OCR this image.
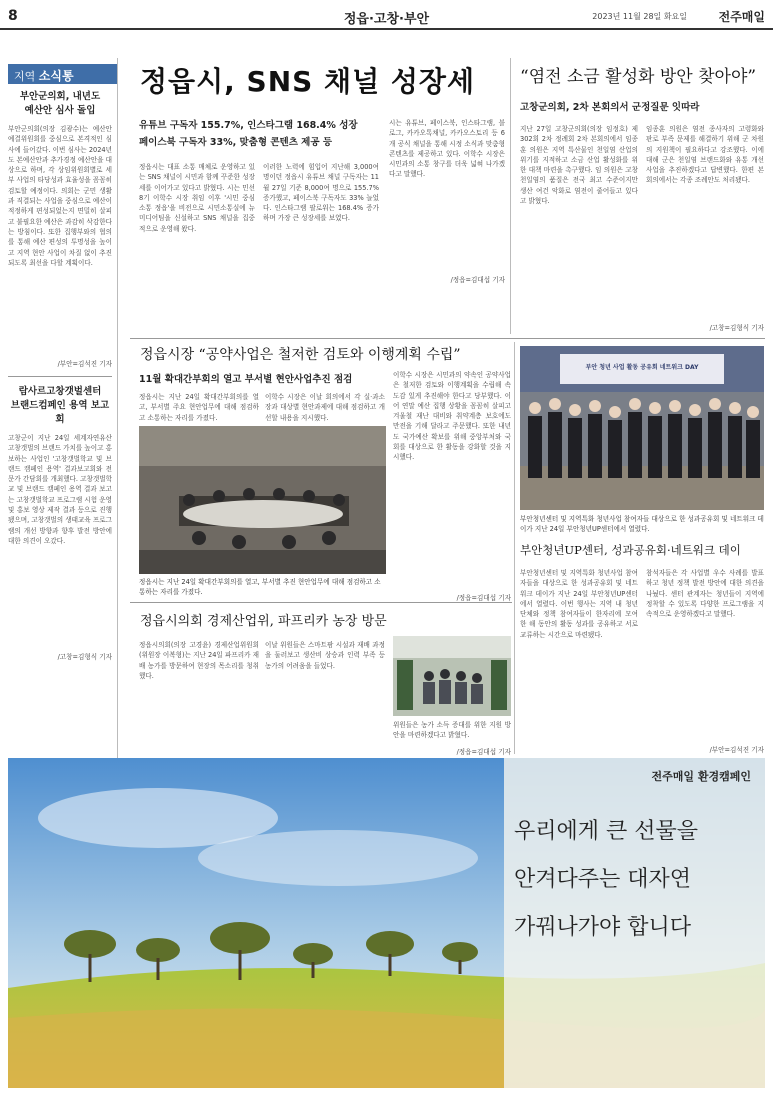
8	정읍·고창·부안	2023년 11월 28일 화요일	전주매일
지역 소식통
부안군의회, 내년도
예산안 심사 돌입

부안군의회(의장 김광수)는 예산안예결위원회를 중심으로 본격적인 심사에 들어갔다. 이번 심사는 2024년도 본예산안과 추가경정 예산안을 대상으로 하며, 각 상임위원회별로 세부 사업의 타당성과 효율성을 꼼꼼히 검토할 예정이다. 의회는 군민 생활과 직결되는 사업을 중심으로 예산이 적정하게 편성되었는지 면밀히 살피고 불필요한 예산은 과감히 삭감한다는 방침이다. 또한 집행부와의 협의를 통해 예산 편성의 투명성을 높이고 지역 현안 사업이 차질 없이 추진되도록 최선을 다할 계획이다.

/부안=김석진 기자

람사르고창갯벌센터
브랜드컴페인 용역 보고회

고창군이 지난 24일 세계자연유산 고창갯벌의 브랜드 가치를 높이고 홍보하는 사업인 '고창갯벌학교 및 브랜드 캠페인 용역' 결과보고회와 전문가 간담회를 개최했다. 고창갯벌학교 및 브랜드 캠페인 용역 결과 보고는 고창갯벌학교 프로그램 시험 운영 및 홍보 영상 제작 결과 등으로 진행됐으며, 고창갯벌의 생태교육 프로그램의 개선 방향과 향후 발전 방안에 대한 의견이 오갔다.

/고창=김형식 기자

정읍시, SNS 채널 성장세
유튜브 구독자 155.7%, 인스타그램 168.4% 성장
페이스북 구독자 33%, 맞춤형 콘텐츠 제공 등

정읍시는 대표 소통 매체로 운영하고 있는 SNS 채널이 시민과 함께 꾸준한 성장세를 이어가고 있다고 밝혔다. 시는 민선 8기 이학수 시장 취임 이후 '시민 중심 소통 정읍'을 비전으로 시민소통실에 뉴미디어팀을 신설하고 SNS 채널을 집중적으로 운영해 왔다.

이러한 노력에 힘입어 지난해 3,000여 명이던 정읍시 유튜브 채널 구독자는 11월 27일 기준 8,000여 명으로 155.7% 증가했고, 페이스북 구독자도 33% 늘었다. 인스타그램 팔로워는 168.4% 증가하며 가장 큰 성장세를 보였다.

시는 유튜브, 페이스북, 인스타그램, 블로그, 카카오톡채널, 카카오스토리 등 6개 공식 채널을 통해 시정 소식과 맞춤형 콘텐츠를 제공하고 있다. 이학수 시장은 시민과의 소통 창구를 더욱 넓혀 나가겠다고 말했다.

/정읍=김대섭 기자

“염전 소금 활성화 방안 찾아야”
고창군의회, 2차 본회의서 군정질문 잇따라

지난 27일 고창군의회(의장 임정호) 제302회 2차 정례회 2차 본회의에서 임종훈 의원은 지역 특산물인 천일염 산업의 위기를 지적하고 소금 산업 활성화를 위한 대책 마련을 촉구했다. 임 의원은 고창 천일염의 품질은 전국 최고 수준이지만 생산 여건 악화로 염전이 줄어들고 있다고 밝혔다.

임종훈 의원은 염전 종사자의 고령화와 판로 부족 문제를 해결하기 위해 군 차원의 지원책이 필요하다고 강조했다. 이에 대해 군은 천일염 브랜드화와 유통 개선 사업을 추진하겠다고 답변했다. 한편 본회의에서는 각종 조례안도 처리됐다.

/고창=김형식 기자

정읍시장 “공약사업은 철저한 검토와 이행계획 수립”
11월 확대간부회의 열고 부서별 현안사업추진 점검

정읍시는 지난 24일 확대간부회의를 열고, 부서별 주요 현안업무에 대해 점검하고 소통하는 자리를 가졌다.

이학수 시장은 이날 회의에서 각 실·과소장과 대상별 현안과제에 대해 점검하고 개선할 내용을 지시했다.

정읍시는 지난 24일 확대간부회의를 열고, 부서별 추진 현안업무에 대해 점검하고 소통하는 자리를 가졌다.

이학수 시장은 시민과의 약속인 공약사업은 철저한 검토와 이행계획을 수립해 속도감 있게 추진해야 한다고 당부했다. 이어 연말 예산 집행 상황을 꼼꼼히 살피고 겨울철 재난 대비와 취약계층 보호에도 만전을 기해 달라고 주문했다. 또한 내년도 국가예산 확보를 위해 중앙부처와 국회를 대상으로 한 활동을 강화할 것을 지시했다.

/정읍=김대섭 기자

정읍시의회 경제산업위, 파프리카 농장 방문

정읍시의회(의장 고경윤) 경제산업위원회(위원장 이복형)는 지난 24일 파프리카 재배 농가를 방문하여 현장의 목소리를 청취했다.

이날 위원들은 스마트팜 시설과 재배 과정을 둘러보고 생산비 상승과 인력 부족 등 농가의 어려움을 들었다.

위원들은 농가 소득 증대를 위한 지원 방안을 마련하겠다고 밝혔다.

/정읍=김대섭 기자

부안 청년 사업 활동 공유회 네트워크 DAY

부안청년센터 및 지역특화 청년사업 참여자들 대상으로 한 성과공유회 및 네트워크 데이가 지난 24일 부안청년UP센터에서 열렸다.

부안청년UP센터, 성과공유회·네트워크 데이

부안청년센터 및 지역특화 청년사업 참여자들을 대상으로 한 성과공유회 및 네트워크 데이가 지난 24일 부안청년UP센터에서 열렸다. 이번 행사는 지역 내 청년 단체와 정책 참여자들이 한자리에 모여 한 해 동안의 활동 성과를 공유하고 서로 교류하는 시간으로 마련됐다.

참석자들은 각 사업별 우수 사례를 발표하고 청년 정책 발전 방안에 대한 의견을 나눴다. 센터 관계자는 청년들이 지역에 정착할 수 있도록 다양한 프로그램을 지속적으로 운영하겠다고 말했다.

/부안=김석진 기자

전주매일 환경캠페인
우리에게 큰 선물을
안겨다주는 대자연
가꿔나가야 합니다
